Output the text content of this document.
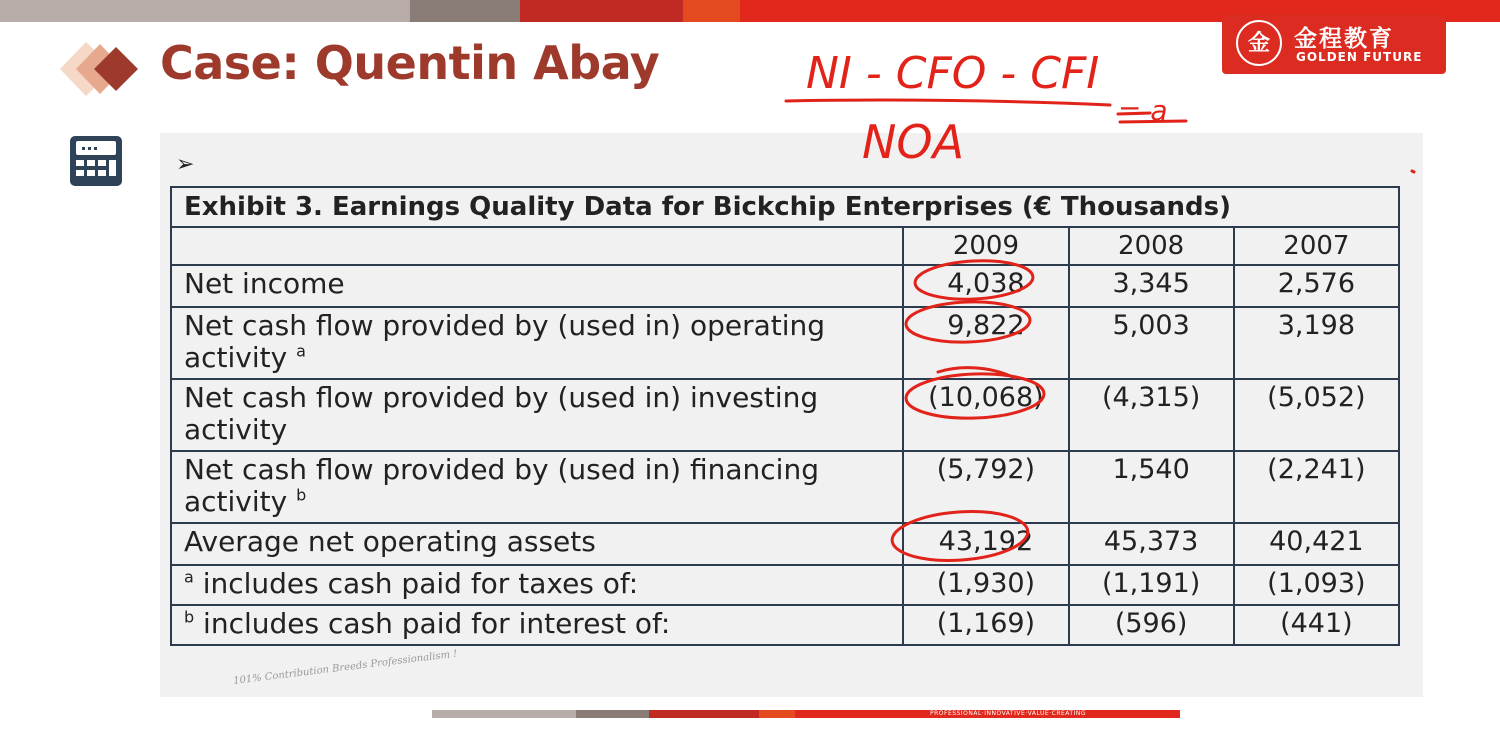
金	金程教育
GOLDEN FUTURE
Case: Quentin Abay
➢
Exhibit 3. Earnings Quality Data for Bickchip Enterprises (€ Thousands)			
	2009	2008	2007
Net income	4,038	3,345	2,576
Net cash flow provided by (used in) operating activity $^a$	9,822	5,003	3,198
Net cash flow provided by (used in) investing activity	(10,068)	(4,315)	(5,052)
Net cash flow provided by (used in) financing activity $^b$	(5,792)	1,540	(2,241)
Average net operating assets	43,192	45,373	40,421
$^a$ includes cash paid for taxes of:	(1,930)	(1,191)	(1,093)
$^b$ includes cash paid for interest of:	(1,169)	(596)	(441)
NI - CFO - CFI
NOA
= a
101% Contribution Breeds Professionalism !
PROFESSIONAL·INNOVATIVE·VALUE·CREATING
